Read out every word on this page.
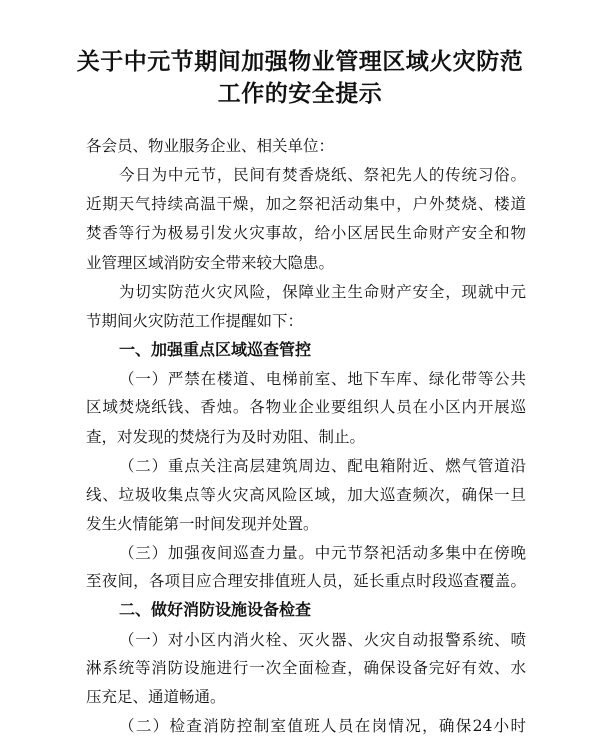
关于中元节期间加强物业管理区域火灾防范
工作的安全提示
各会员、物业服务企业、相关单位：
今日为中元节，民间有焚香烧纸、祭祀先人的传统习俗。
近期天气持续高温干燥，加之祭祀活动集中，户外焚烧、楼道
焚香等行为极易引发火灾事故，给小区居民生命财产安全和物
业管理区域消防安全带来较大隐患。
为切实防范火灾风险，保障业主生命财产安全，现就中元
节期间火灾防范工作提醒如下：
一、加强重点区域巡查管控
（一）严禁在楼道、电梯前室、地下车库、绿化带等公共
区域焚烧纸钱、香烛。各物业企业要组织人员在小区内开展巡
查，对发现的焚烧行为及时劝阻、制止。
（二）重点关注高层建筑周边、配电箱附近、燃气管道沿
线、垃圾收集点等火灾高风险区域，加大巡查频次，确保一旦
发生火情能第一时间发现并处置。
（三）加强夜间巡查力量。中元节祭祀活动多集中在傍晚
至夜间，各项目应合理安排值班人员，延长重点时段巡查覆盖。
二、做好消防设施设备检查
（一）对小区内消火栓、灭火器、火灾自动报警系统、喷
淋系统等消防设施进行一次全面检查，确保设备完好有效、水
压充足、通道畅通。
（二）检查消防控制室值班人员在岗情况，确保24小时
